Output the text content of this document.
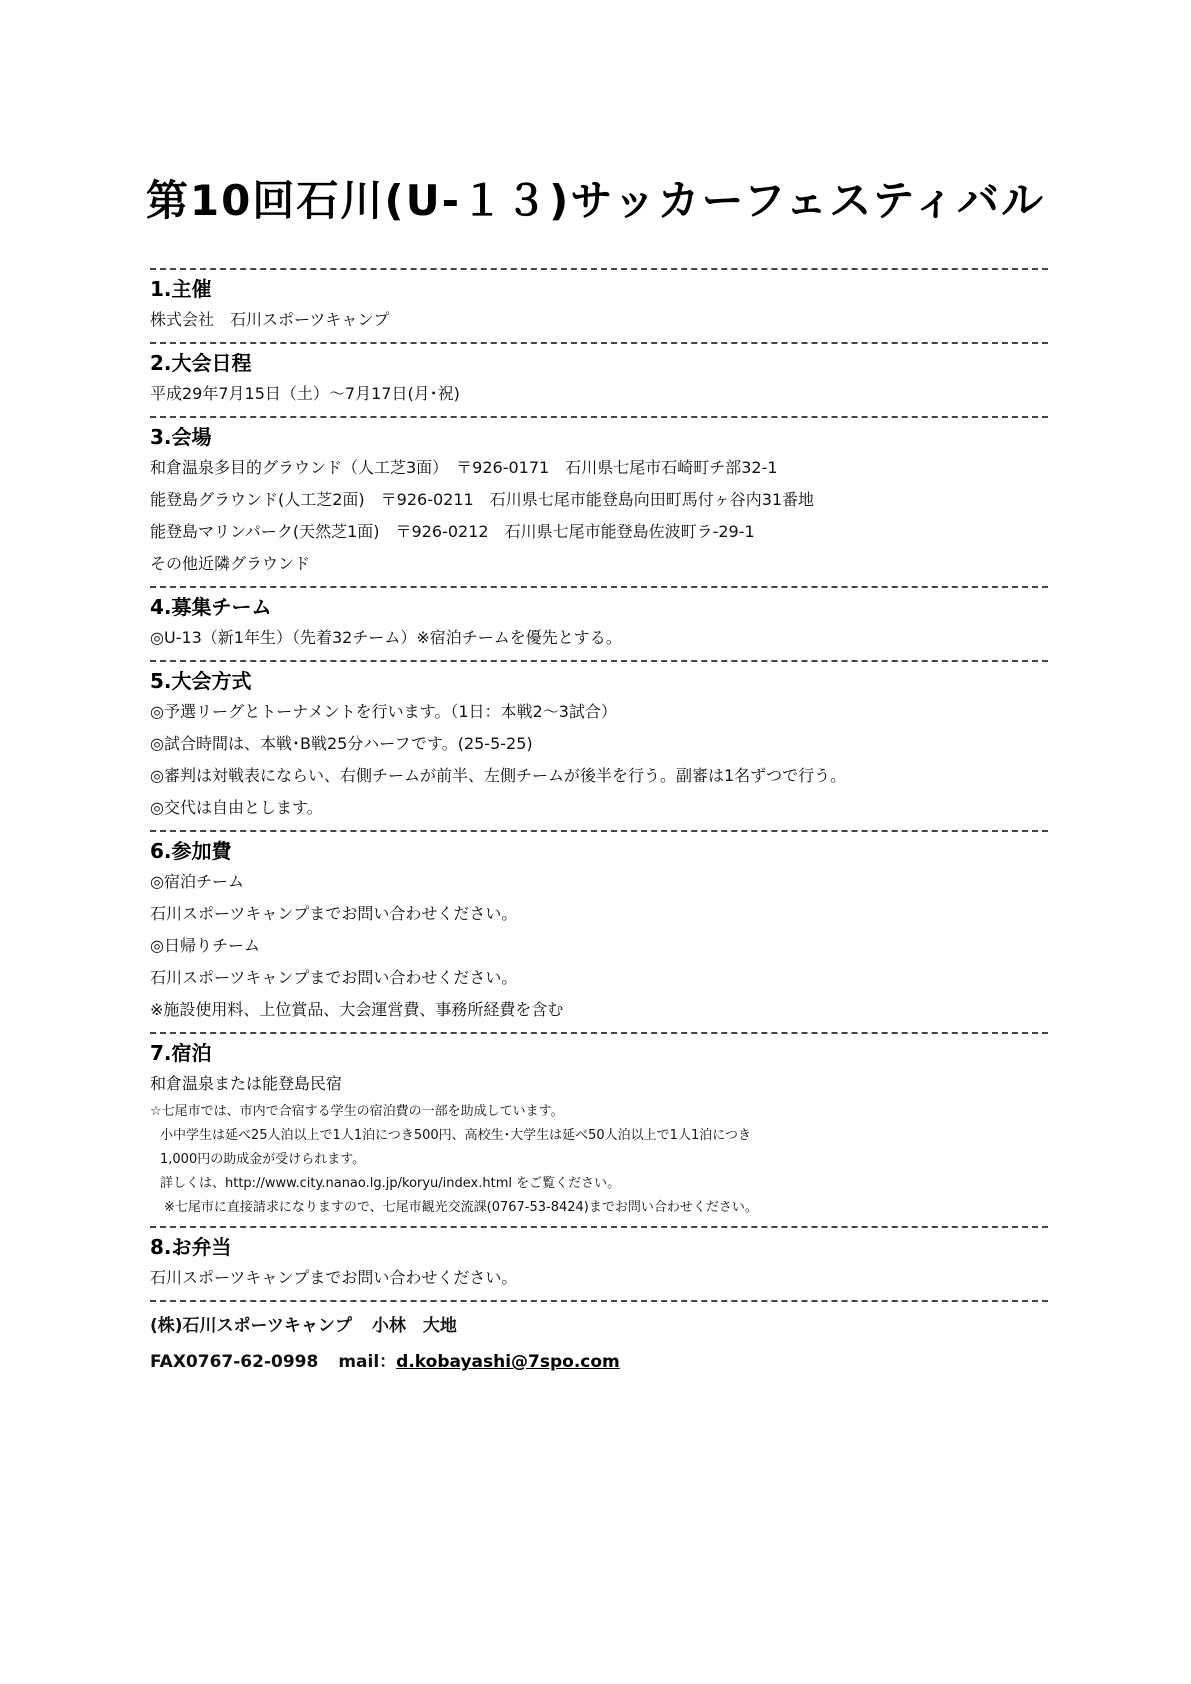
第10回石川(U-１３)サッカーフェスティバル
1.主催
株式会社　石川スポーツキャンプ
2.大会日程
平成29年7月15日（土）～7月17日(月･祝)
3.会場
和倉温泉多目的グラウンド（人工芝3面）　〒926-0171　石川県七尾市石崎町チ部32-1
能登島グラウンド(人工芝2面)　〒926-0211　石川県七尾市能登島向田町馬付ヶ谷内31番地
能登島マリンパーク(天然芝1面)　〒926-0212　石川県七尾市能登島佐波町ラ-29-1
その他近隣グラウンド
4.募集チーム
◎U-13（新1年生）（先着32チーム）※宿泊チームを優先とする。
5.大会方式
◎予選リーグとトーナメントを行います。（1日：本戦2～3試合）
◎試合時間は、本戦･B戦25分ハーフです。(25-5-25)
◎審判は対戦表にならい、右側チームが前半、左側チームが後半を行う。副審は1名ずつで行う。
◎交代は自由とします。
6.参加費
◎宿泊チーム
石川スポーツキャンプまでお問い合わせください。
◎日帰りチーム
石川スポーツキャンプまでお問い合わせください。
※施設使用料、上位賞品、大会運営費、事務所経費を含む
7.宿泊
和倉温泉または能登島民宿
☆七尾市では、市内で合宿する学生の宿泊費の一部を助成しています。
小中学生は延べ25人泊以上で1人1泊につき500円、高校生･大学生は延べ50人泊以上で1人1泊につき
1,000円の助成金が受けられます。
詳しくは、http://www.city.nanao.lg.jp/koryu/index.html をご覧ください。
※七尾市に直接請求になりますので、七尾市観光交流課(0767-53-8424)までお問い合わせください。
8.お弁当
石川スポーツキャンプまでお問い合わせください。
(株)石川スポーツキャンプ 小林　大地
FAX0767-62-0998 mail：d.kobayashi@7spo.com
